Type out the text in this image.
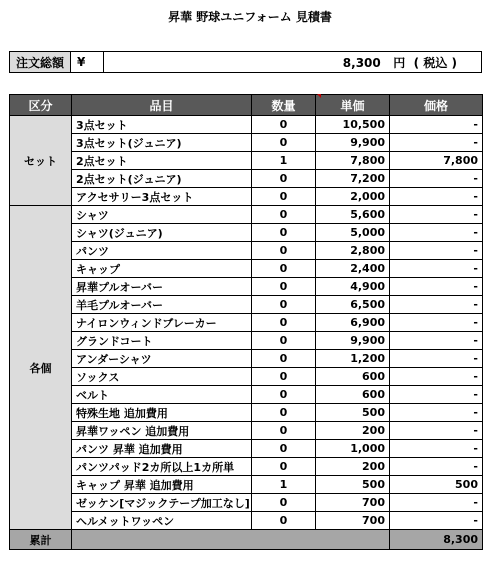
昇華 野球ユニフォーム 見積書
注文総額	¥	8,300 円 ( 税込 )
区分	品目	数量	単価	価格
セット	3点セット	0	10,500	-
	3点セット(ジュニア)	0	9,900	-
	2点セット	1	7,800	7,800
	2点セット(ジュニア)	0	7,200	-
	アクセサリー3点セット	0	2,000	-
各個	シャツ	0	5,600	-
	シャツ(ジュニア)	0	5,000	-
	パンツ	0	2,800	-
	キャップ	0	2,400	-
	昇華プルオーバー	0	4,900	-
	羊毛プルオーバー	0	6,500	-
	ナイロンウィンドブレーカー	0	6,900	-
	グランドコート	0	9,900	-
	アンダーシャツ	0	1,200	-
	ソックス	0	600	-
	ベルト	0	600	-
	特殊生地 追加費用	0	500	-
	昇華ワッペン 追加費用	0	200	-
	パンツ 昇華 追加費用	0	1,000	-
	パンツパッド2カ所以上1カ所単	0	200	-
	キャップ 昇華 追加費用	1	500	500
	ゼッケン[マジックテープ加工なし]	0	700	-
	ヘルメットワッペン	0	700	-
累計				8,300
